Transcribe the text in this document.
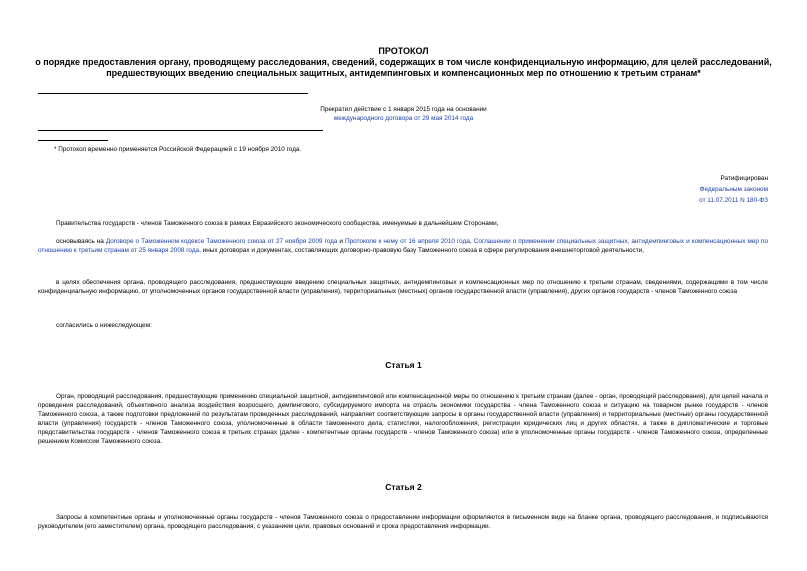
ПРОТОКОЛ
о порядке предоставления органу, проводящему расследования, сведений, содержащих в том числе конфиденциальную информацию, для целей расследований,
предшествующих введению специальных защитных, антидемпинговых и компенсационных мер по отношению к третьим странам*
Прекратил действие с 1 января 2015 года на основании
международного договора от 29 мая 2014 года
* Протокол временно применяется Российской Федерацией с 19 ноября 2010 года.
Ратифицирован
Федеральным законом
от 11.07.2011 N 180-ФЗ
Правительства государств - членов Таможенного союза в рамках Евразийского экономического сообщества, именуемые в дальнейшем Сторонами,
основываясь на Договоре о Таможенном кодексе Таможенного союза от 27 ноября 2009 года и Протоколе к нему от 16 апреля 2010 года, Соглашении о применении специальных защитных, антидемпинговых и компенсационных мер по отношению к третьим странам от 25 января 2008 года, иных договорах и документах, составляющих договорно-правовую базу Таможенного союза в сфере регулирования внешнеторговой деятельности,
в целях обеспечения органа, проводящего расследования, предшествующие введению специальных защитных, антидемпинговых и компенсационных мер по отношению к третьим странам, сведениями, содержащими в том числе конфиденциальную информацию, от уполномоченных органов государственной власти (управления), территориальных (местных) органов государственной власти (управления), других органов государств - членов Таможенного союза
согласились о нижеследующем:
Статья 1
Орган, проводящий расследования, предшествующие применению специальной защитной, антидемпинговой или компенсационной меры по отношению к третьим странам (далее - орган, проводящий расследования), для целей начала и проведения расследований, объективного анализа воздействия возросшего, демпингового, субсидируемого импорта на отрасль экономики государства - члена Таможенного союза и ситуацию на товарном рынке государств - членов Таможенного союза, а также подготовки предложений по результатам проведенных расследований, направляет соответствующие запросы в органы государственной власти (управления) и территориальные (местные) органы государственной власти (управления) государств - членов Таможенного союза, уполномоченные в области таможенного дела, статистики, налогообложения, регистрации юридических лиц и других областях, а также в дипломатические и торговые представительства государств - членов Таможенного союза в третьих странах (далее - компетентные органы государств - членов Таможенного союза) или в уполномоченные органы государств - членов Таможенного союза, определенные решением Комиссии Таможенного союза.
Статья 2
Запросы в компетентные органы и уполномоченные органы государств - членов Таможенного союза о предоставлении информации оформляются в письменном виде на бланке органа, проводящего расследования, и подписываются руководителем (его заместителем) органа, проводящего расследования, с указанием цели, правовых оснований и срока предоставления информации.
